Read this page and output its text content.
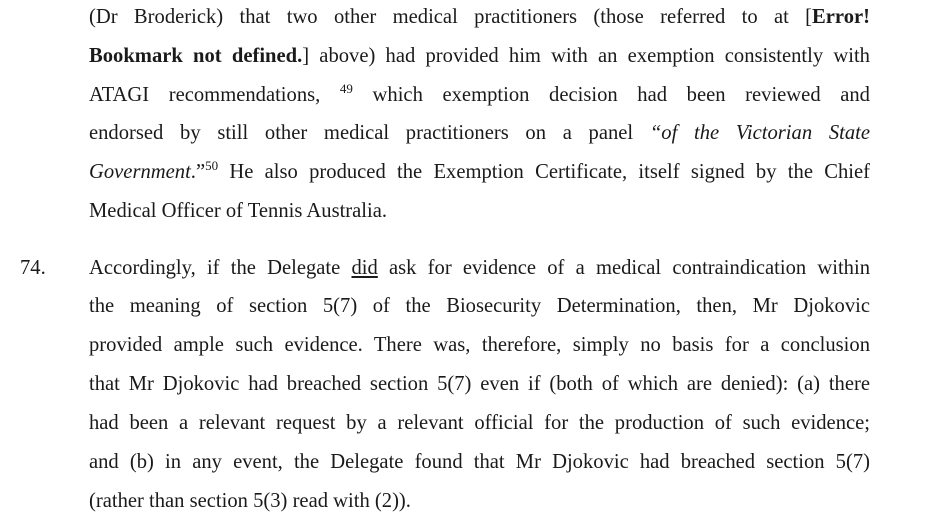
(Dr Broderick) that two other medical practitioners (those referred to at [Error!
Bookmark not defined.] above) had provided him with an exemption consistently with
ATAGI recommendations, $^{49}$ which exemption decision had been reviewed and
endorsed by still other medical practitioners on a panel “of the Victorian State
Government.”$^{50}$ He also produced the Exemption Certificate, itself signed by the Chief
Medical Officer of Tennis Australia.
74. Accordingly, if the Delegate did ask for evidence of a medical contraindication within
the meaning of section 5(7) of the Biosecurity Determination, then, Mr Djokovic
provided ample such evidence. There was, therefore, simply no basis for a conclusion
that Mr Djokovic had breached section 5(7) even if (both of which are denied): (a) there
had been a relevant request by a relevant official for the production of such evidence;
and (b) in any event, the Delegate found that Mr Djokovic had breached section 5(7)
(rather than section 5(3) read with (2)).
